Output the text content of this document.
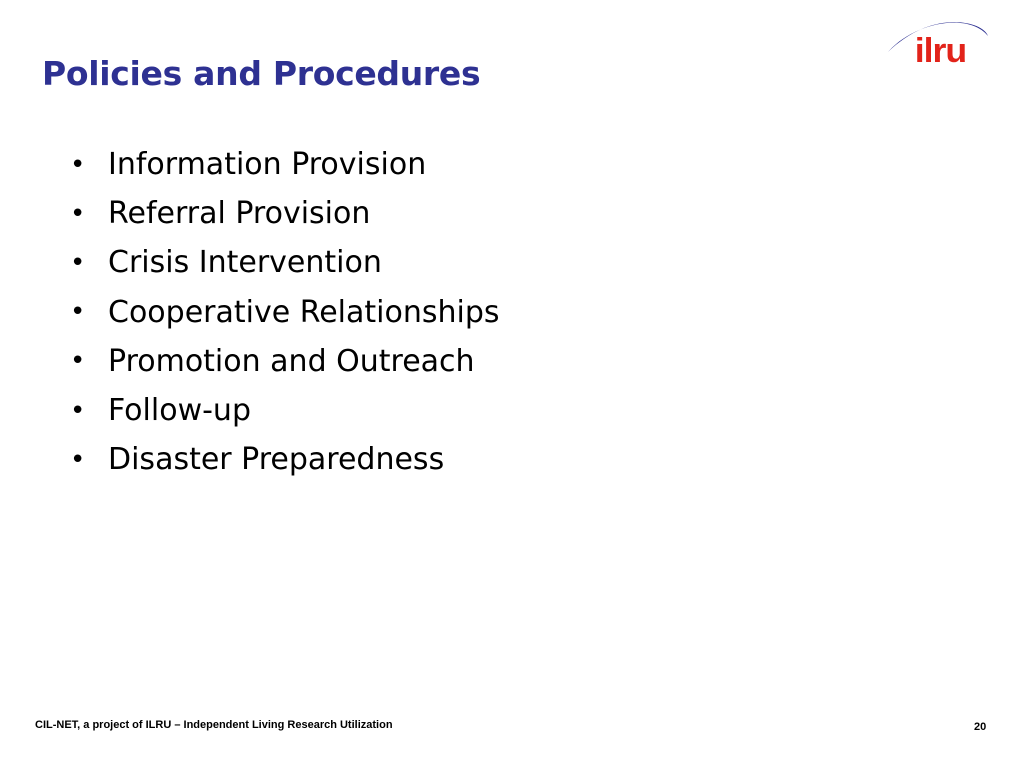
Policies and Procedures
ilru
• Information Provision
• Referral Provision
• Crisis Intervention
• Cooperative Relationships
• Promotion and Outreach
• Follow-up
• Disaster Preparedness
CIL-NET, a project of ILRU – Independent Living Research Utilization	20
